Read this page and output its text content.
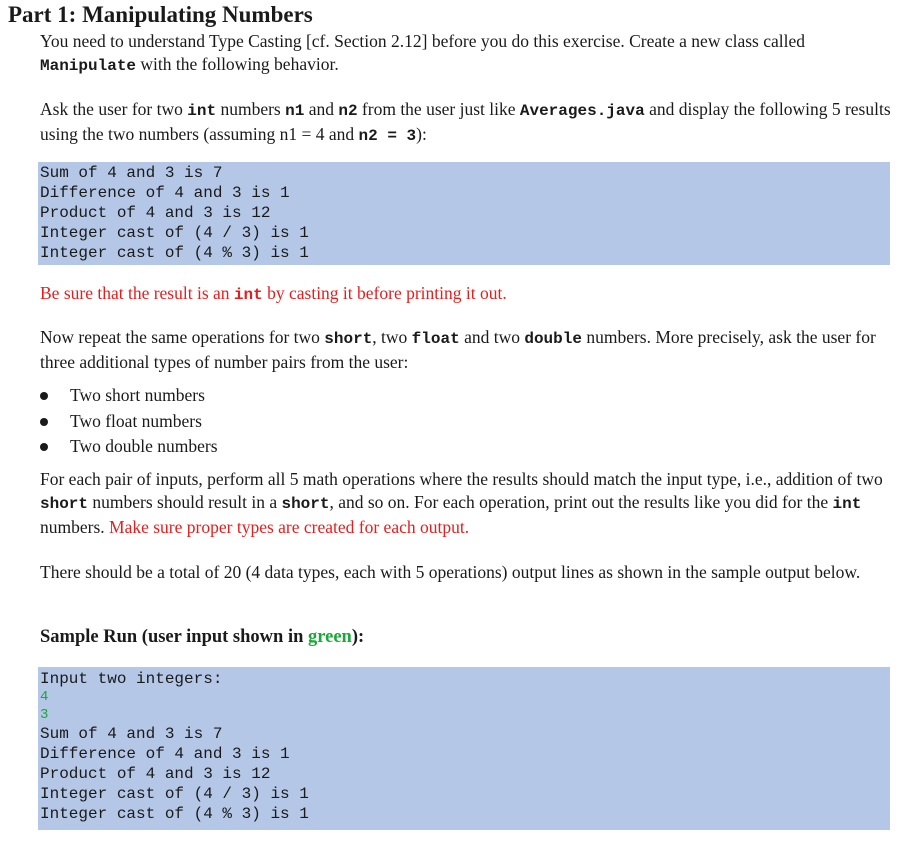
Part 1: Manipulating Numbers

You need to understand Type Casting [cf. Section 2.12] before you do this exercise. Create a new class called Manipulate with the following behavior.

Ask the user for two int numbers n1 and n2 from the user just like Averages.java and display the following 5 results using the two numbers (assuming n1 = 4 and n2 = 3):

Sum of 4 and 3 is 7
Difference of 4 and 3 is 1
Product of 4 and 3 is 12
Integer cast of (4 / 3) is 1
Integer cast of (4 % 3) is 1

Be sure that the result is an int by casting it before printing it out.

Now repeat the same operations for two short, two float and two double numbers. More precisely, ask the user for three additional types of number pairs from the user:

Two short numbers
Two float numbers
Two double numbers

For each pair of inputs, perform all 5 math operations where the results should match the input type, i.e., addition of two short numbers should result in a short, and so on. For each operation, print out the results like you did for the int numbers. Make sure proper types are created for each output.

There should be a total of 20 (4 data types, each with 5 operations) output lines as shown in the sample output below.

Sample Run (user input shown in green):

Input two integers:
4
3
Sum of 4 and 3 is 7
Difference of 4 and 3 is 1
Product of 4 and 3 is 12
Integer cast of (4 / 3) is 1
Integer cast of (4 % 3) is 1
